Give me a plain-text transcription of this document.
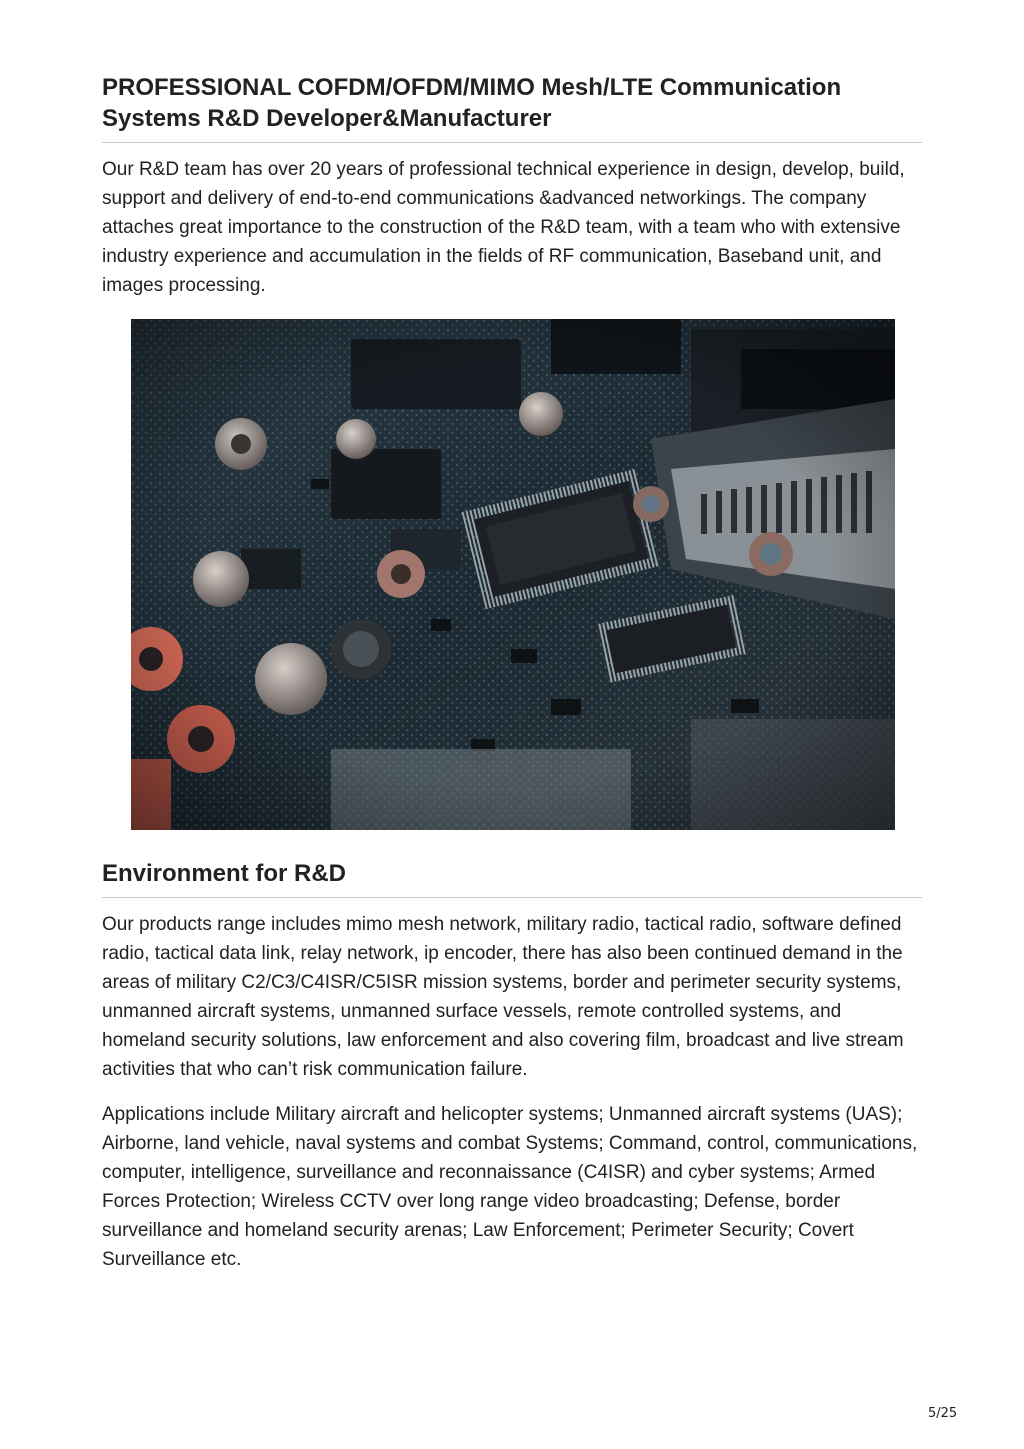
PROFESSIONAL COFDM/OFDM/MIMO Mesh/LTE Communication Systems R&D Developer&Manufacturer

Our R&D team has over 20 years of professional technical experience in design, develop, build, support and delivery of end-to-end communications &advanced networkings. The company attaches great importance to the construction of the R&D team, with a team who with extensive industry experience and accumulation in the fields of RF communication, Baseband unit, and images processing.

Environment for R&D

Our products range includes mimo mesh network, military radio, tactical radio, software defined radio, tactical data link, relay network, ip encoder, there has also been continued demand in the areas of military C2/C3/C4ISR/C5ISR mission systems, border and perimeter security systems, unmanned aircraft systems, unmanned surface vessels, remote controlled systems, and homeland security solutions, law enforcement and also covering film, broadcast and live stream activities that who can’t risk communication failure.

Applications include Military aircraft and helicopter systems; Unmanned aircraft systems (UAS); Airborne, land vehicle, naval systems and combat Systems; Command, control, communications, computer, intelligence, surveillance and reconnaissance (C4ISR) and cyber systems; Armed Forces Protection; Wireless CCTV over long range video broadcasting; Defense, border surveillance and homeland security arenas; Law Enforcement; Perimeter Security; Covert Surveillance etc.

5/25
